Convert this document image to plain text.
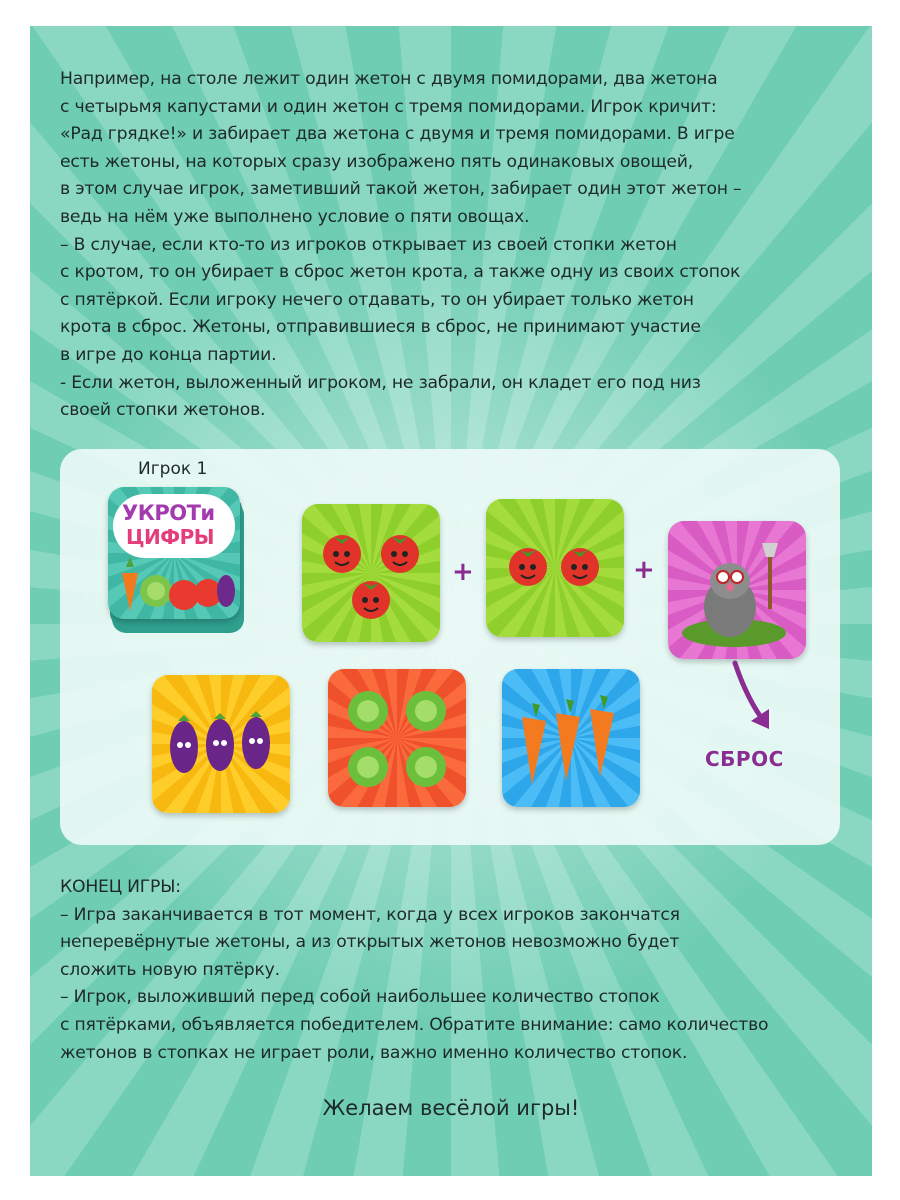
Например, на столе лежит один жетон с двумя помидорами, два жетона

с четырьмя капустами и один жетон с тремя помидорами. Игрок кричит:

«Рад грядке!» и забирает два жетона с двумя и тремя помидорами. В игре

есть жетоны, на которых сразу изображено пять одинаковых овощей,

в этом случае игрок, заметивший такой жетон, забирает один этот жетон –

ведь на нём уже выполнено условие о пяти овощах.

– В случае, если кто-то из игроков открывает из своей стопки жетон

с кротом, то он убирает в сброс жетон крота, а также одну из своих стопок

с пятёркой. Если игроку нечего отдавать, то он убирает только жетон

крота в сброс. Жетоны, отправившиеся в сброс, не принимают участие

в игре до конца партии.

- Если жетон, выложенный игроком, не забрали, он кладет его под низ

своей стопки жетонов.

Игрок 1
УКРОТи
ЦИФРЫ
+	+
СБРОС

КОНЕЦ ИГРЫ:

– Игра заканчивается в тот момент, когда у всех игроков закончатся

неперевёрнутые жетоны, а из открытых жетонов невозможно будет

сложить новую пятёрку.

– Игрок, выложивший перед собой наибольшее количество стопок

с пятёрками, объявляется победителем. Обратите внимание: само количество

жетонов в стопках не играет роли, важно именно количество стопок.

Желаем весёлой игры!
